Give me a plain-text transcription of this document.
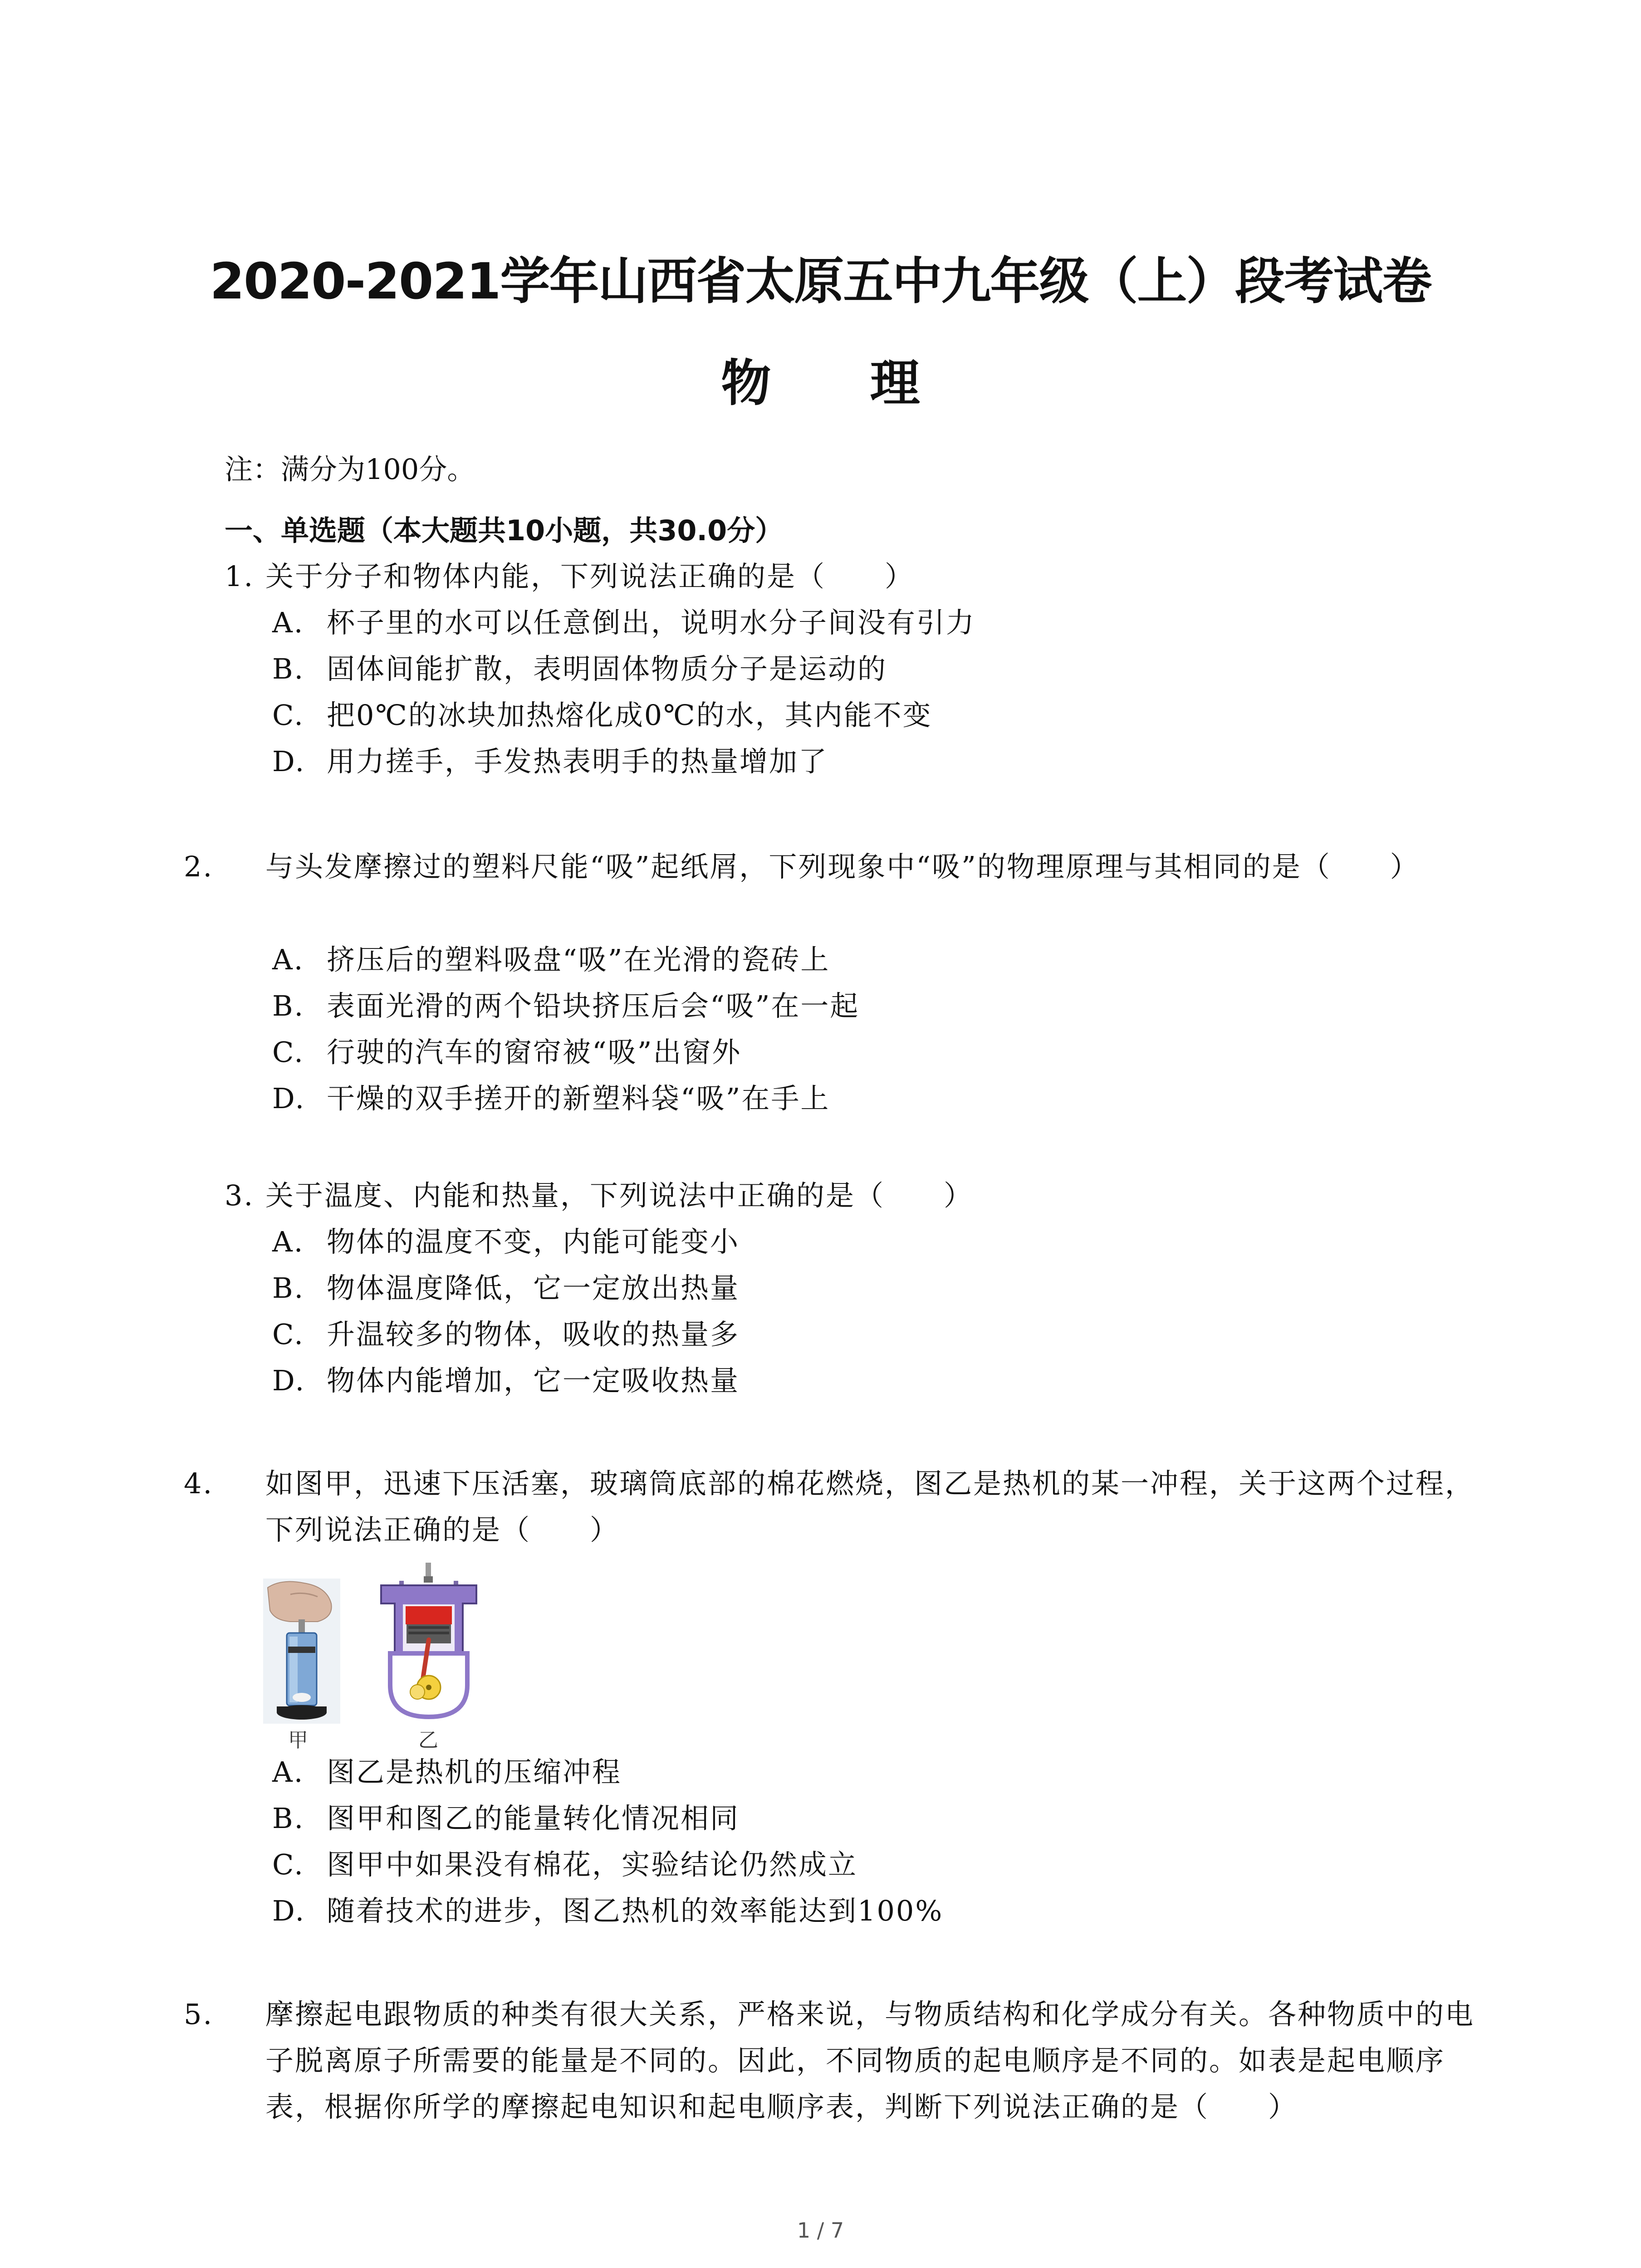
2020-2021学年山西省太原五中九年级（上）段考试卷
物 理
注：满分为100分。
一、单选题（本大题共10小题，共30.0分）
1. 关于分子和物体内能，下列说法正确的是（　　）
A. 杯子里的水可以任意倒出，说明水分子间没有引力
B. 固体间能扩散，表明固体物质分子是运动的
C. 把0℃的冰块加热熔化成0℃的水，其内能不变
D. 用力搓手，手发热表明手的热量增加了
2. 与头发摩擦过的塑料尺能“吸”起纸屑，下列现象中“吸”的物理原理与其相同的是（　　）
A. 挤压后的塑料吸盘“吸”在光滑的瓷砖上
B. 表面光滑的两个铅块挤压后会“吸”在一起
C. 行驶的汽车的窗帘被“吸”出窗外
D. 干燥的双手搓开的新塑料袋“吸”在手上
3. 关于温度、内能和热量，下列说法中正确的是（　　）
A. 物体的温度不变，内能可能变小
B. 物体温度降低，它一定放出热量
C. 升温较多的物体，吸收的热量多
D. 物体内能增加，它一定吸收热量
4. 如图甲，迅速下压活塞，玻璃筒底部的棉花燃烧，图乙是热机的某一冲程，关于这两个过程，下列说法正确的是（　　）
甲	乙
A. 图乙是热机的压缩冲程
B. 图甲和图乙的能量转化情况相同
C. 图甲中如果没有棉花，实验结论仍然成立
D. 随着技术的进步，图乙热机的效率能达到100%
5. 摩擦起电跟物质的种类有很大关系，严格来说，与物质结构和化学成分有关。各种物质中的电子脱离原子所需要的能量是不同的。因此，不同物质的起电顺序是不同的。如表是起电顺序表，根据你所学的摩擦起电知识和起电顺序表，判断下列说法正确的是（　　）
1 / 7
